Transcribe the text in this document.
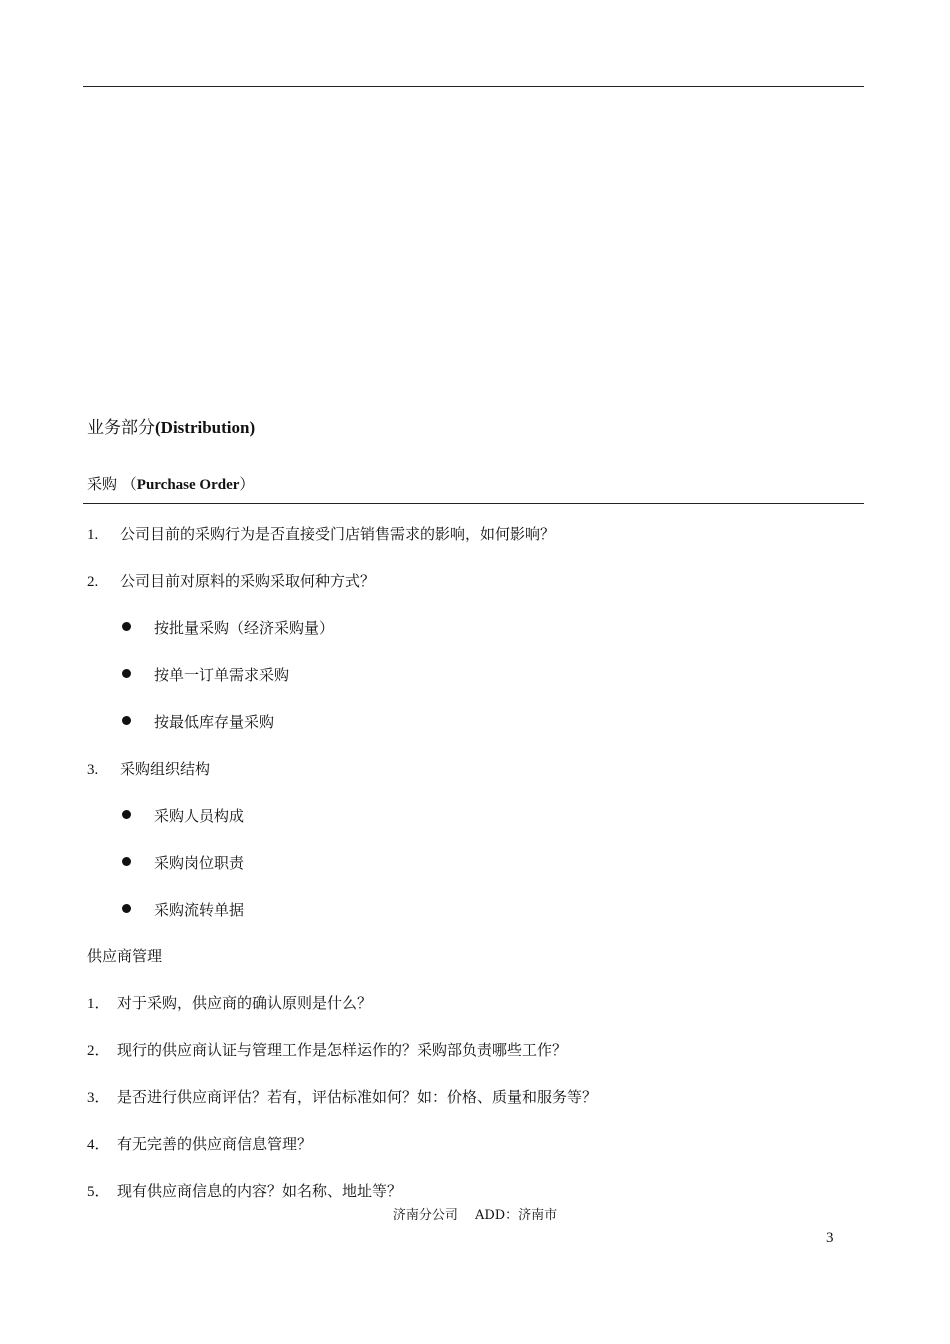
业务部分(Distribution)
采购 （Purchase Order）
1. 公司目前的采购行为是否直接受门店销售需求的影响，如何影响？
2. 公司目前对原料的采购采取何种方式？
按批量采购（经济采购量）
按单一订单需求采购
按最低库存量采购
3. 采购组织结构
采购人员构成
采购岗位职责
采购流转单据
供应商管理
1． 对于采购，供应商的确认原则是什么？
2． 现行的供应商认证与管理工作是怎样运作的？采购部负责哪些工作？
3． 是否进行供应商评估？若有，评估标准如何？如：价格、质量和服务等？
4． 有无完善的供应商信息管理？
5． 现有供应商信息的内容？如名称、地址等？
济南分公司　 ADD：济南市
3
